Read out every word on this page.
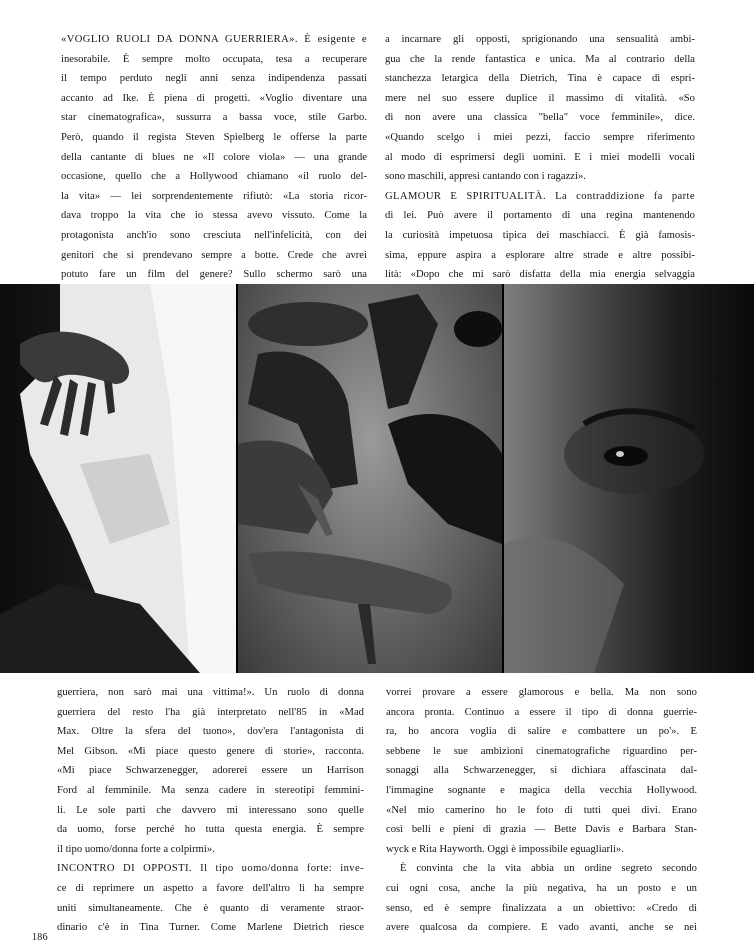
«VOGLIO RUOLI DA DONNA GUERRIERA». È esigente e
inesorabile. È sempre molto occupata, tesa a recuperare
il tempo perduto negli anni senza indipendenza passati
accanto ad Ike. È piena di progetti. «Voglio diventare una
star cinematografica», sussurra a bassa voce, stile Garbo.
Però, quando il regista Steven Spielberg le offerse la parte
della cantante di blues ne «Il colore viola» — una grande
occasione, quello che a Hollywood chiamano «il ruolo del-
la vita» — lei sorprendentemente rifiutò: «La storia ricor-
dava troppo la vita che io stessa avevo vissuto. Come la
protagonista anch'io sono cresciuta nell'infelicità, con dei
genitori che si prendevano sempre a botte. Crede che avrei
potuto fare un film del genere? Sullo schermo sarò una
a incarnare gli opposti, sprigionando una sensualità ambi-
gua che la rende fantastica e unica. Ma al contrario della
stanchezza letargica della Dietrich, Tina è capace di espri-
mere nel suo essere duplice il massimo di vitalità. «So
di non avere una classica "bella" voce femminile», dice.
«Quando scelgo i miei pezzi, faccio sempre riferimento
al modo di esprimersi degli uomini. E i miei modelli vocali
sono maschili, appresi cantando con i ragazzi».
GLAMOUR E SPIRITUALITÀ. La contraddizione fa parte
di lei. Può avere il portamento di una regina mantenendo
la curiosità impetuosa tipica dei maschiacci. È già famosis-
sima, eppure aspira a esplorare altre strade e altre possibi-
lità: «Dopo che mi sarò disfatta della mia energia selvaggia
guerriera, non sarò mai una vittima!». Un ruolo di donna
guerriera del resto l'ha già interpretato nell'85 in «Mad
Max. Oltre la sfera del tuono», dov'era l'antagonista di
Mel Gibson. «Mi piace questo genere di storie», racconta.
«Mi piace Schwarzenegger, adorerei essere un Harrison
Ford al femminile. Ma senza cadere in stereotipi femmini-
li. Le sole parti che davvero mi interessano sono quelle
da uomo, forse perché ho tutta questa energia. È sempre
il tipo uomo/donna forte a colpirmi».
INCONTRO DI OPPOSTI. Il tipo uomo/donna forte: inve-
ce di reprimere un aspetto a favore dell'altro li ha sempre
uniti simultaneamente. Che è quanto di veramente straor-
dinario c'è in Tina Turner. Come Marlene Dietrich riesce
vorrei provare a essere glamorous e bella. Ma non sono
ancora pronta. Continuo a essere il tipo di donna guerrie-
ra, ho ancora voglia di salire e combattere un po'». E
sebbene le sue ambizioni cinematografiche riguardino per-
sonaggi alla Schwarzenegger, si dichiara affascinata dal-
l'immagine sognante e magica della vecchia Hollywood.
«Nel mio camerino ho le foto di tutti quei divi. Erano
così belli e pieni di grazia — Bette Davis e Barbara Stan-
wyck e Rita Hayworth. Oggi è impossibile eguagliarli».
È convinta che la vita abbia un ordine segreto secondo
cui ogni cosa, anche la più negativa, ha un posto e un
senso, ed è sempre finalizzata a un obiettivo: «Credo di
avere qualcosa da compiere. E vado avanti, anche se nei
186
